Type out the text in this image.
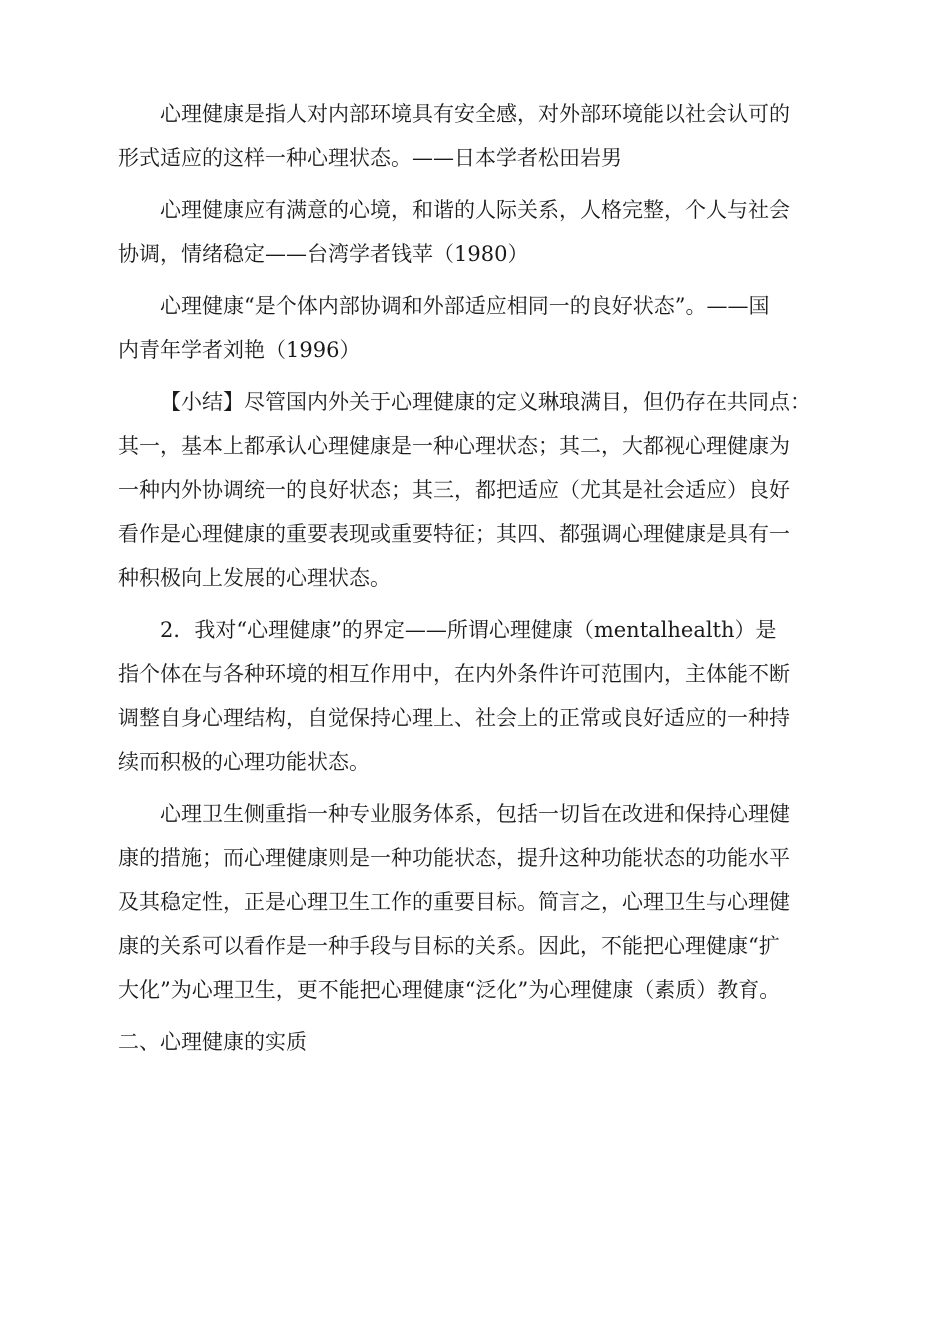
心理健康是指人对内部环境具有安全感，对外部环境能以社会认可的
形式适应的这样一种心理状态。——日本学者松田岩男
心理健康应有满意的心境，和谐的人际关系，人格完整，个人与社会
协调，情绪稳定——台湾学者钱苹（1980）
心理健康“是个体内部协调和外部适应相同一的良好状态”。——国
内青年学者刘艳（1996）
【小结】尽管国内外关于心理健康的定义琳琅满目，但仍存在共同点：
其一，基本上都承认心理健康是一种心理状态；其二，大都视心理健康为
一种内外协调统一的良好状态；其三，都把适应（尤其是社会适应）良好
看作是心理健康的重要表现或重要特征；其四、都强调心理健康是具有一
种积极向上发展的心理状态。
2．我对“心理健康”的界定——所谓心理健康（mentalhealth）是
指个体在与各种环境的相互作用中，在内外条件许可范围内，主体能不断
调整自身心理结构，自觉保持心理上、社会上的正常或良好适应的一种持
续而积极的心理功能状态。
心理卫生侧重指一种专业服务体系，包括一切旨在改进和保持心理健
康的措施；而心理健康则是一种功能状态，提升这种功能状态的功能水平
及其稳定性，正是心理卫生工作的重要目标。简言之，心理卫生与心理健
康的关系可以看作是一种手段与目标的关系。因此，不能把心理健康“扩
大化”为心理卫生，更不能把心理健康“泛化”为心理健康（素质）教育。
二、心理健康的实质
